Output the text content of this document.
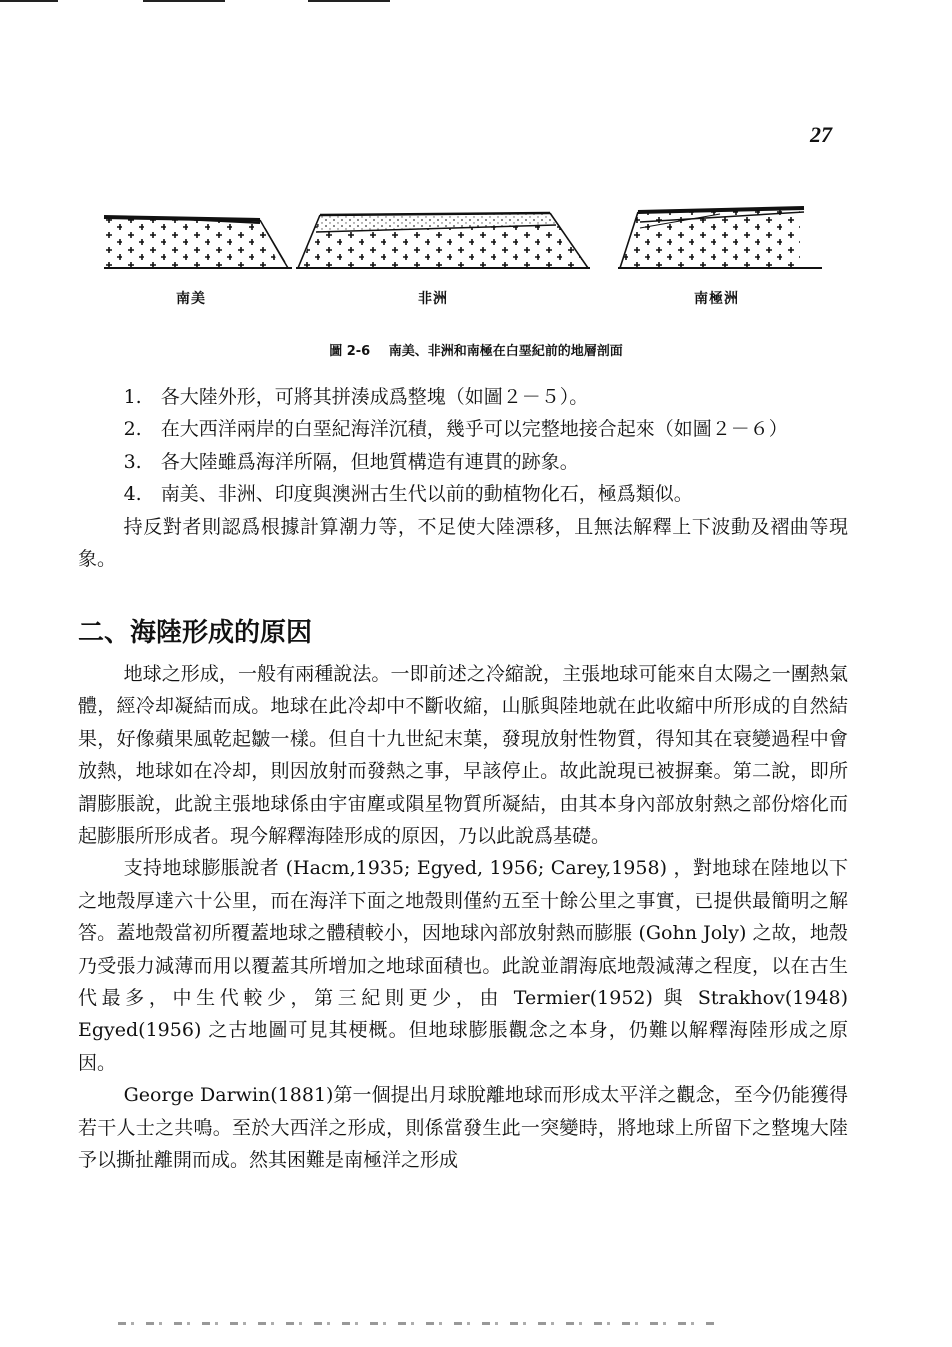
27
南美	非洲	南極洲
圖 2-6 南美、非洲和南極在白堊紀前的地層剖面

1.　各大陸外形，可將其拼湊成爲整塊（如圖２－５）。

2.　在大西洋兩岸的白堊紀海洋沉積，幾乎可以完整地接合起來（如圖２－６）

3.　各大陸雖爲海洋所隔，但地質構造有連貫的跡象。

4.　南美、非洲、印度與澳洲古生代以前的動植物化石，極爲類似。

持反對者則認爲根據計算潮力等，不足使大陸漂移，且無法解釋上下波動及褶曲等現象。

二、海陸形成的原因

地球之形成，一般有兩種說法。一即前述之冷縮說，主張地球可能來自太陽之一團熱氣體，經冷却凝結而成。地球在此冷却中不斷收縮，山脈與陸地就在此收縮中所形成的自然結果，好像蘋果風乾起皺一樣。但自十九世紀末葉，發現放射性物質，得知其在衰變過程中會放熱，地球如在冷却，則因放射而發熱之事，早該停止。故此說現已被摒棄。第二說，即所謂膨脹說，此說主張地球係由宇宙塵或隕星物質所凝結，由其本身內部放射熱之部份熔化而起膨脹所形成者。現今解釋海陸形成的原因，乃以此說爲基礎。

支持地球膨脹說者 (Hacm,1935; Egyed, 1956; Carey,1958) ，對地球在陸地以下之地殼厚達六十公里，而在海洋下面之地殼則僅約五至十餘公里之事實，已提供最簡明之解答。蓋地殼當初所覆蓋地球之體積較小，因地球內部放射熱而膨脹 (Gohn Joly) 之故，地殼乃受張力減薄而用以覆蓋其所增加之地球面積也。此說並謂海底地殼減薄之程度，以在古生代最多，中生代較少，第三紀則更少，由 Termier(1952) 與 Strakhov(1948) Egyed(1956) 之古地圖可見其梗概。但地球膨脹觀念之本身，仍難以解釋海陸形成之原因。

George Darwin(1881)第一個提出月球脫離地球而形成太平洋之觀念，至今仍能獲得若干人士之共鳴。至於大西洋之形成，則係當發生此一突變時，將地球上所留下之整塊大陸予以撕扯離開而成。然其困難是南極洋之形成
